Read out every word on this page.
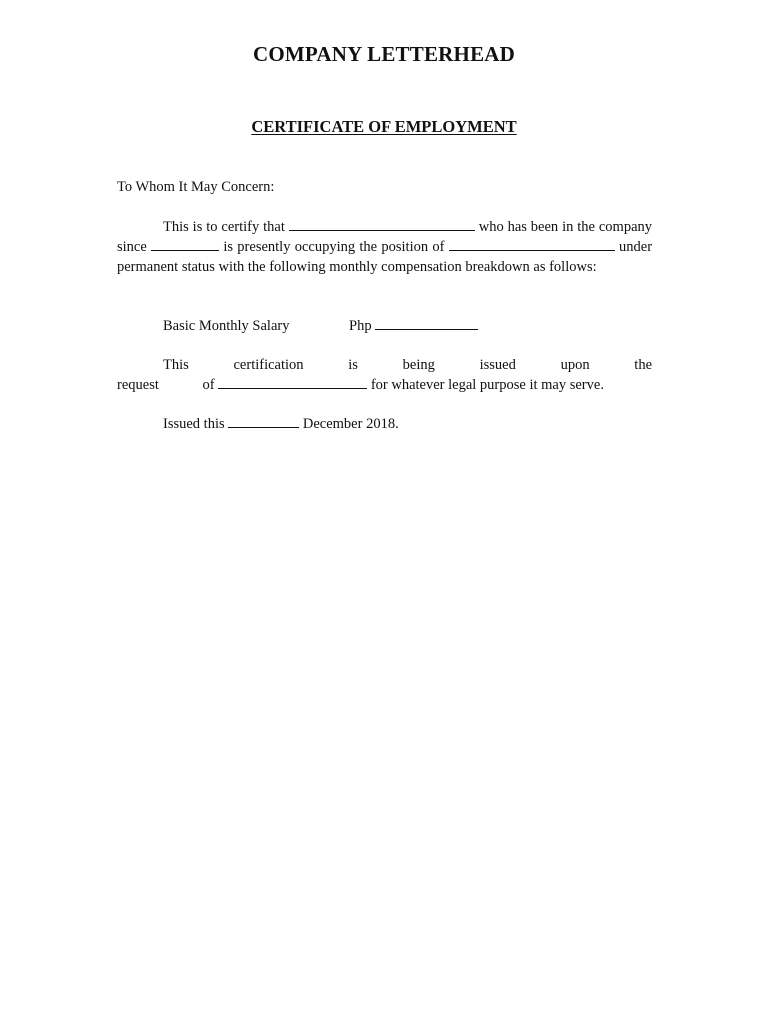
COMPANY LETTERHEAD
CERTIFICATE OF EMPLOYMENT
To Whom It May Concern:
This is to certify that	who has been in the company since	is presently occupying the position of	under permanent status with the following monthly compensation breakdown as follows:
Basic Monthly Salary	Php
This certification is being issued upon the request of	for whatever legal purpose it may serve.
Issued this	December 2018.
